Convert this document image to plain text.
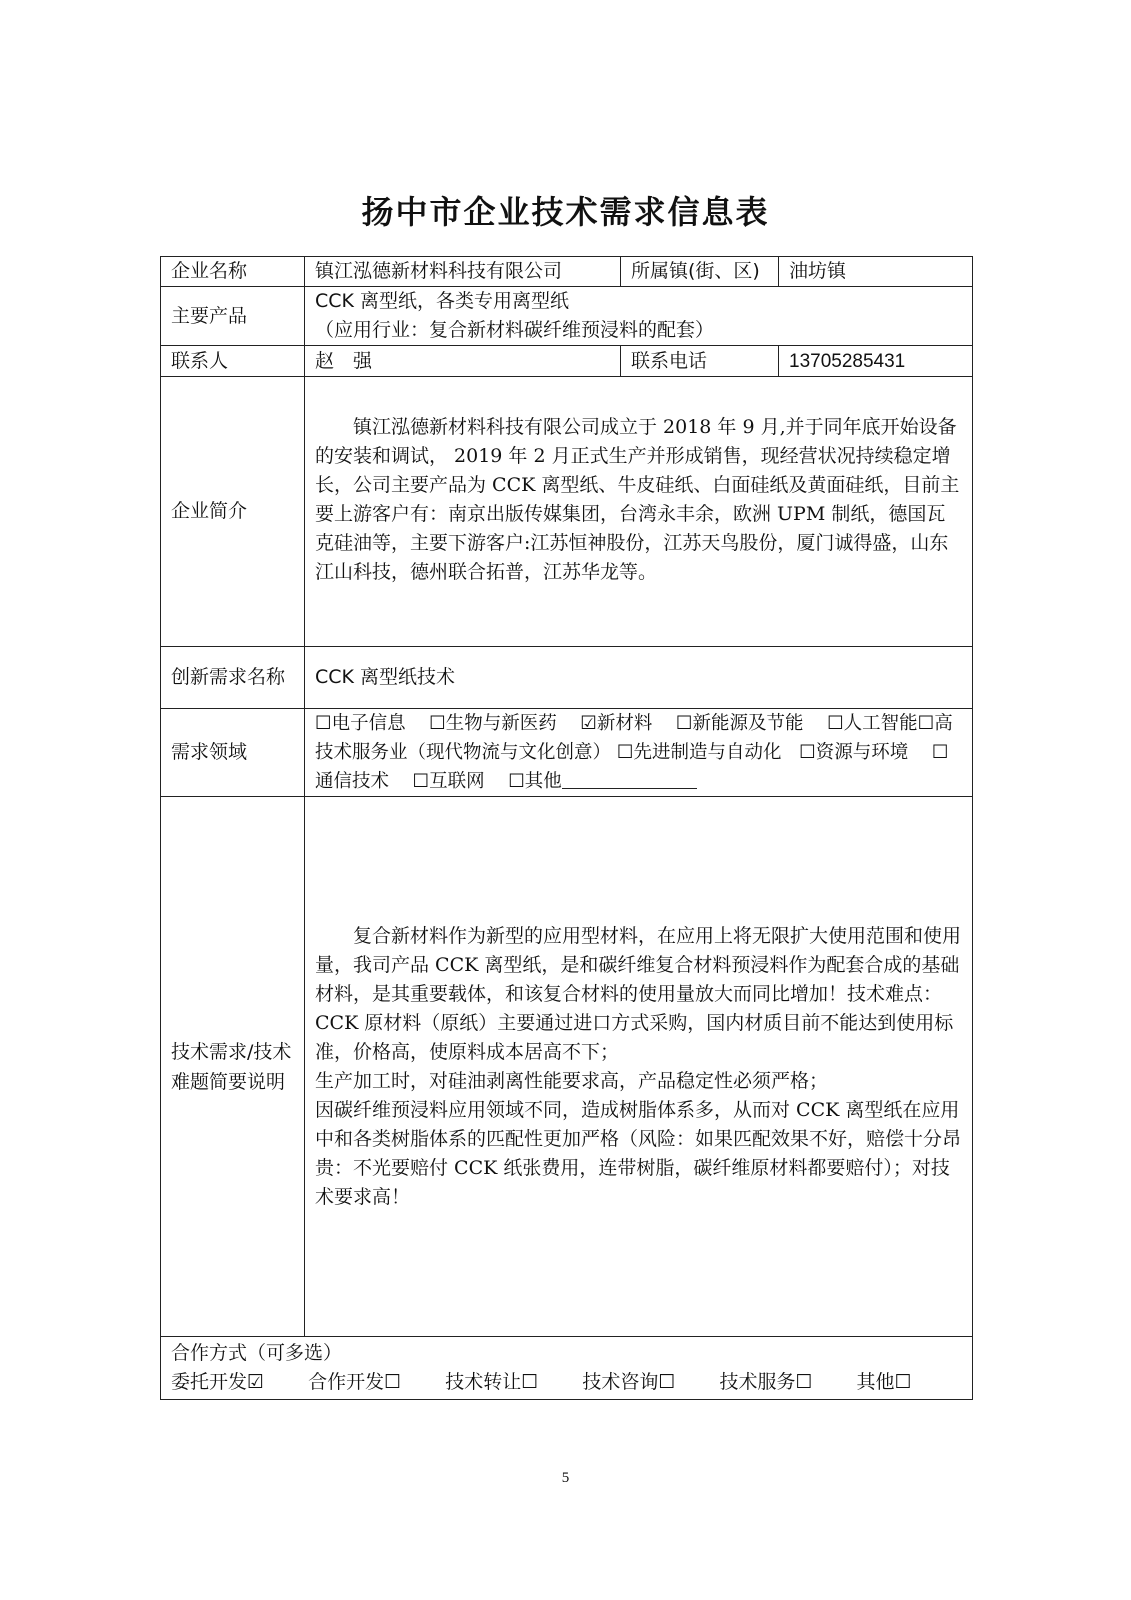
扬中市企业技术需求信息表
企业名称	镇江泓德新材料科技有限公司	所属镇(街、区)	油坊镇
主要产品	CCK 离型纸，各类专用离型纸
（应用行业：复合新材料碳纤维预浸料的配套）		

联系人	赵　强	联系电话	13705285431
企业简介	镇江泓德新材料科技有限公司成立于 2018 年 9 月,并于同年底开始设备的安装和调试， 2019 年 2 月正式生产并形成销售，现经营状况持续稳定增长，公司主要产品为 CCK 离型纸、牛皮硅纸、白面硅纸及黄面硅纸，目前主要上游客户有：南京出版传媒集团，台湾永丰余，欧洲 UPM 制纸，德国瓦克硅油等，主要下游客户:江苏恒神股份，江苏天鸟股份，厦门诚得盛，山东江山科技，德州联合拓普，江苏华龙等。		

创新需求名称	CCK 离型纸技术		
需求领域	☐电子信息 ☐生物与新医药 ☑新材料 ☐新能源及节能 ☐人工智能☐高技术服务业（现代物流与文化创意） ☐先进制造与自动化 ☐资源与环境 ☐通信技术 ☐互联网 ☐其他		
技术需求/技术难题简要说明	复合新材料作为新型的应用型材料，在应用上将无限扩大使用范围和使用量，我司产品 CCK 离型纸，是和碳纤维复合材料预浸料作为配套合成的基础材料，是其重要载体，和该复合材料的使用量放大而同比增加！技术难点：
CCK 原材料（原纸）主要通过进口方式采购，国内材质目前不能达到使用标准，价格高，使原料成本居高不下；
生产加工时，对硅油剥离性能要求高，产品稳定性必须严格；
因碳纤维预浸料应用领域不同，造成树脂体系多，从而对 CCK 离型纸在应用中和各类树脂体系的匹配性更加严格（风险：如果匹配效果不好，赔偿十分昂贵：不光要赔付 CCK 纸张费用，连带树脂，碳纤维原材料都要赔付）；对技术要求高！		

合作方式（可多选）
委托开发☑ 合作开发☐ 技术转让☐ 技术咨询☐ 技术服务☐ 其他☐			
5
